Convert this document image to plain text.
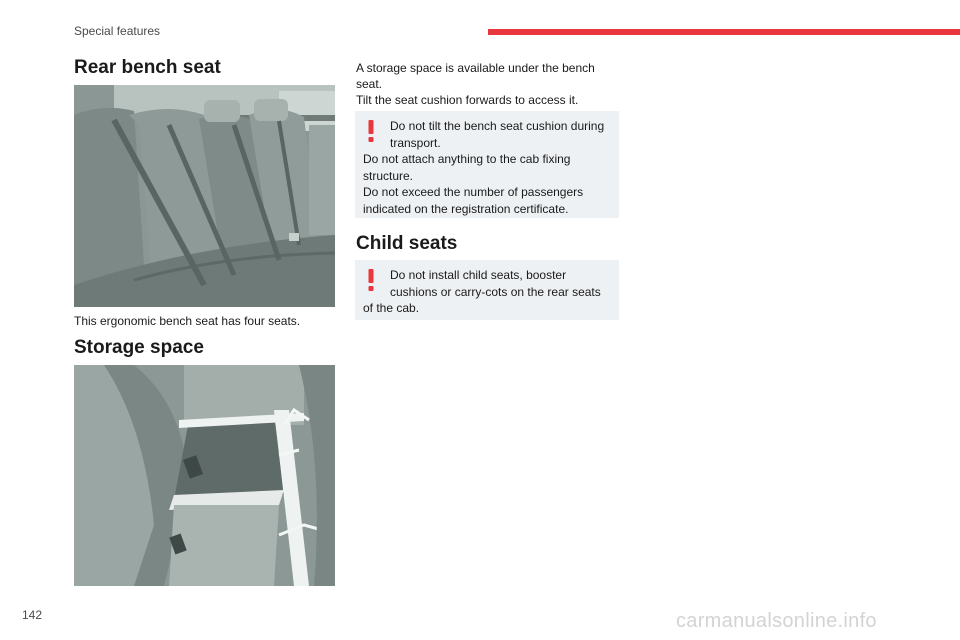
Special features
Rear bench seat
This ergonomic bench seat has four seats.
Storage space
A storage space is available under the bench seat.
Tilt the seat cushion forwards to access it.
Do not tilt the bench seat cushion during transport.
Do not attach anything to the cab fixing structure.
Do not exceed the number of passengers indicated on the registration certificate.
Child seats
Do not install child seats, booster cushions or carry-cots on the rear seats
of the cab.
142	carmanualsonline.info
